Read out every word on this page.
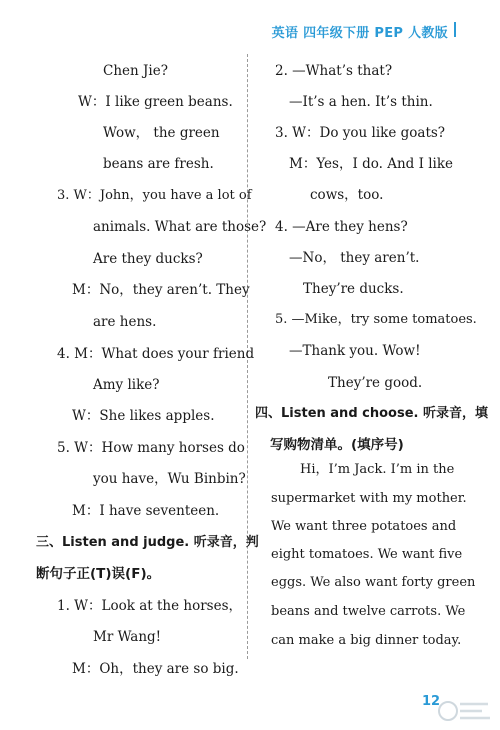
英语 四年级下册 PEP 人教版
Chen Jie?
W：I like green beans.
Wow， the green
beans are fresh.
3. W：John，you have a lot of
animals. What are those?
Are they ducks?
M：No，they aren’t. They
are hens.
4. M：What does your friend
Amy like?
W：She likes apples.
5. W：How many horses do
you have，Wu Binbin?
M：I have seventeen.
三、Listen and judge. 听录音，判
断句子正(T)误(F)。
1. W：Look at the horses，
Mr Wang!
M：Oh，they are so big.
2. —What’s that?
—It’s a hen. It’s thin.
3. W：Do you like goats?
M：Yes，I do. And I like
cows，too.
4. —Are they hens?
—No， they aren’t.
They’re ducks.
5. —Mike，try some tomatoes.
—Thank you. Wow!
They’re good.
四、Listen and choose. 听录音，填
写购物清单。(填序号)
Hi，I’m Jack. I’m in the
supermarket with my mother.
We want three potatoes and
eight tomatoes. We want five
eggs. We also want forty green
beans and twelve carrots. We
can make a big dinner today.
12
